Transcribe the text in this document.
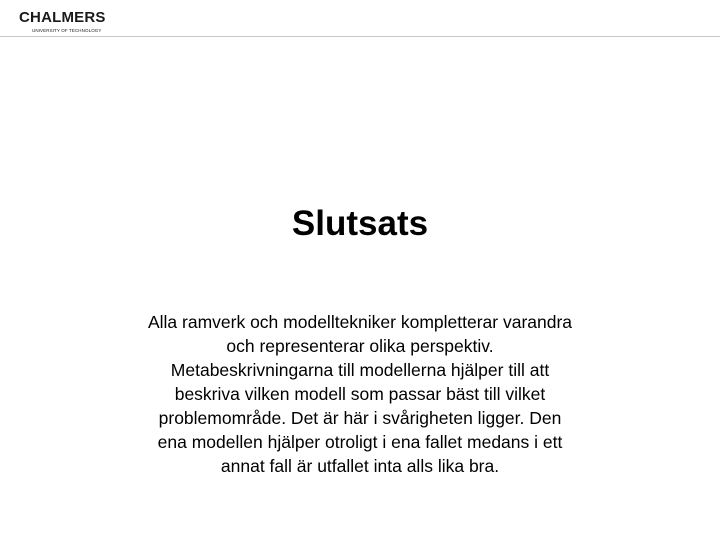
CHALMERS
UNIVERSITY OF TECHNOLOGY
Slutsats
Alla ramverk och modelltekniker kompletterar varandra
och representerar olika perspektiv.
Metabeskrivningarna till modellerna hjälper till att
beskriva vilken modell som passar bäst till vilket
problemområde. Det är här i svårigheten ligger. Den
ena modellen hjälper otroligt i ena fallet medans i ett
annat fall är utfallet inta alls lika bra.
